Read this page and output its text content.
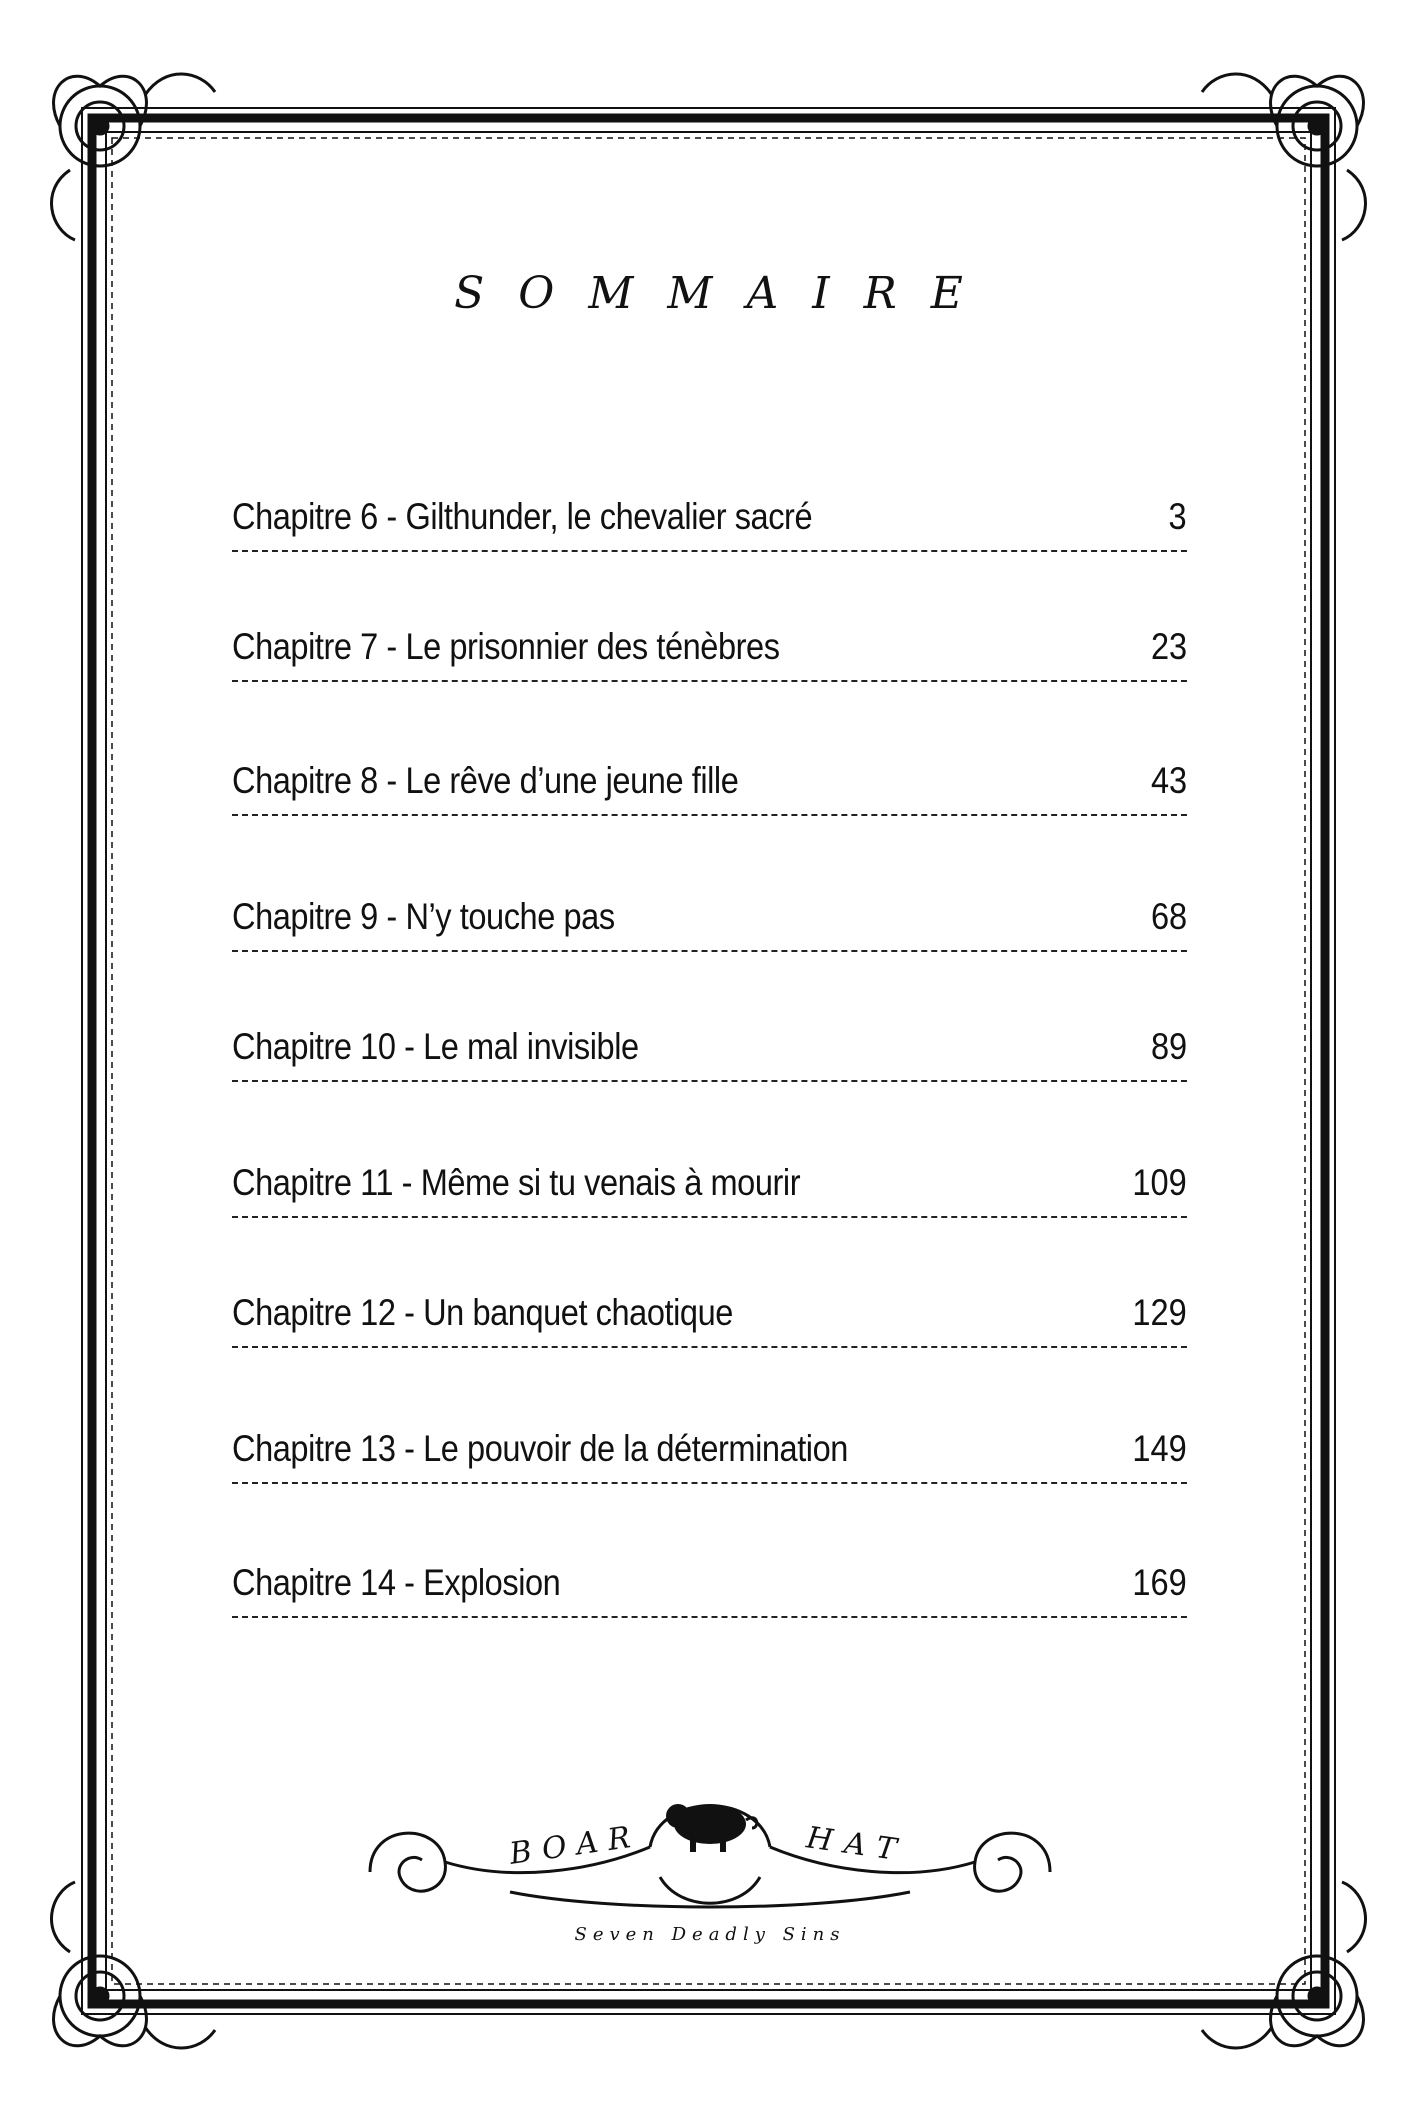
SOMMAIRE
Chapitre 6 - Gilthunder, le chevalier sacré	3
Chapitre 7 - Le prisonnier des ténèbres	23
Chapitre 8 - Le rêve d’une jeune fille	43
Chapitre 9 - N’y touche pas	68
Chapitre 10 - Le mal invisible	89
Chapitre 11 - Même si tu venais à mourir	109
Chapitre 12 - Un banquet chaotique	129
Chapitre 13 - Le pouvoir de la détermination	149
Chapitre 14 - Explosion	169
BOAR	HAT
Seven Deadly Sins
